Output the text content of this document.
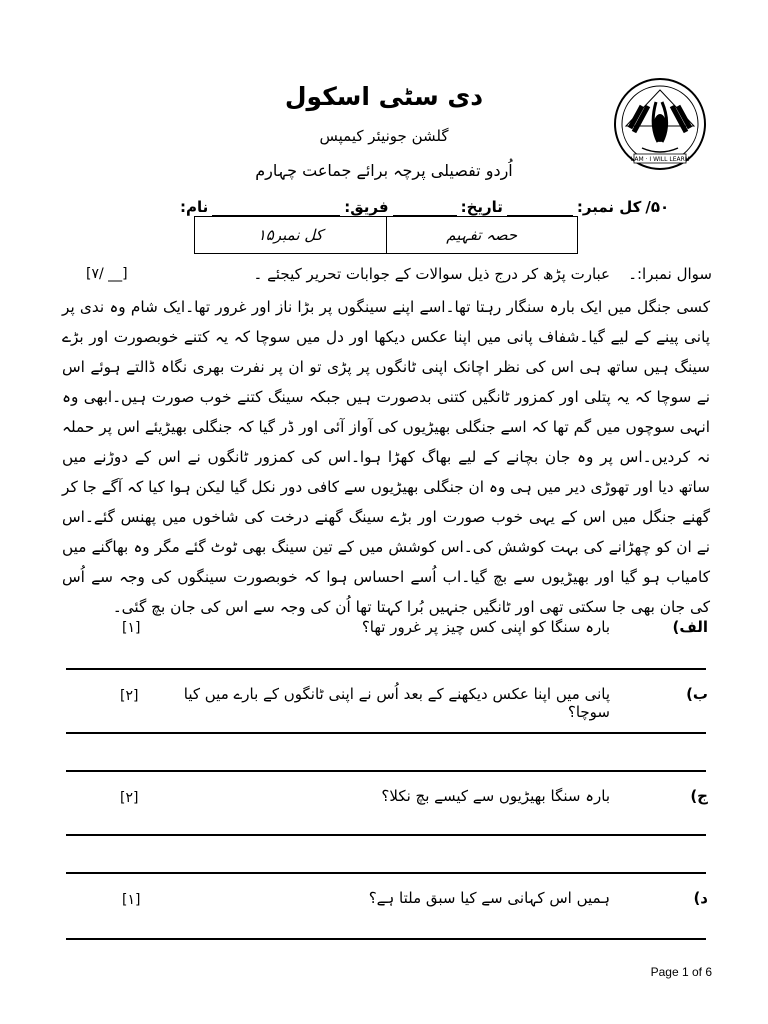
دی سٹی اسکول
گلشن جونیئر کیمپس
اُردو تفصیلی پرچہ برائے جماعت چہارم
I AM · I WILL LEARN
نام:	فریق:	تاریخ:	کل نمبر: ۵۰/
حصہ تفہیم
کل نمبر۱۵
سوال نمبرا:۔
عبارت پڑھ کر درج ذیل سوالات کے جوابات تحریر کیجئے ۔
[۷/ __]
کسی جنگل میں ایک بارہ سنگار رہتا تھا۔اسے اپنے سینگوں پر بڑا ناز اور غرور تھا۔ایک شام وہ ندی پر پانی پینے کے لیے گیا۔شفاف پانی میں اپنا عکس دیکھا اور دل میں سوچا کہ یہ کتنے خوبصورت اور بڑے سینگ ہیں ساتھ ہی اس کی نظر اچانک اپنی ٹانگوں پر پڑی تو ان پر نفرت بھری نگاہ ڈالتے ہوئے اس نے سوچا کہ یہ پتلی اور کمزور ٹانگیں کتنی بدصورت ہیں جبکہ سینگ کتنے خوب صورت ہیں۔ابھی وہ انہی سوچوں میں گم تھا کہ اسے جنگلی بھیڑیوں کی آواز آئی اور ڈر گیا کہ جنگلی بھیڑیئے اس پر حملہ نہ کردیں۔اس پر وہ جان بچانے کے لیے بھاگ کھڑا ہوا۔اس کی کمزور ٹانگوں نے اس کے دوڑنے میں ساتھ دیا اور تھوڑی دیر میں ہی وہ ان جنگلی بھیڑیوں سے کافی دور نکل گیا لیکن ہوا کیا کہ آگے جا کر گھنے جنگل میں اس کے یہی خوب صورت اور بڑے سینگ گھنے درخت کی شاخوں میں پھنس گئے۔اس نے ان کو چھڑانے کی بہت کوشش کی۔اس کوشش میں کے تین سینگ بھی ٹوٹ گئے مگر وہ بھاگنے میں کامیاب ہو گیا اور بھیڑیوں سے بچ گیا۔اب اُسے احساس ہوا کہ خوبصورت سینگوں کی وجہ سے اُس کی جان بھی جا سکتی تھی اور ٹانگیں جنہیں بُرا کہتا تھا اُن کی وجہ سے اس کی جان بچ گئی۔
الف)
بارہ سنگا کو اپنی کس چیز پر غرور تھا؟
[۱]
ب)
پانی میں اپنا عکس دیکھنے کے بعد اُس نے اپنی ٹانگوں کے بارے میں کیا سوچا؟
[۲]
ج)
بارہ سنگا بھیڑیوں سے کیسے بچ نکلا؟
[۲]
د)
ہمیں اس کہانی سے کیا سبق ملتا ہے؟
[۱]
Page 1 of 6
